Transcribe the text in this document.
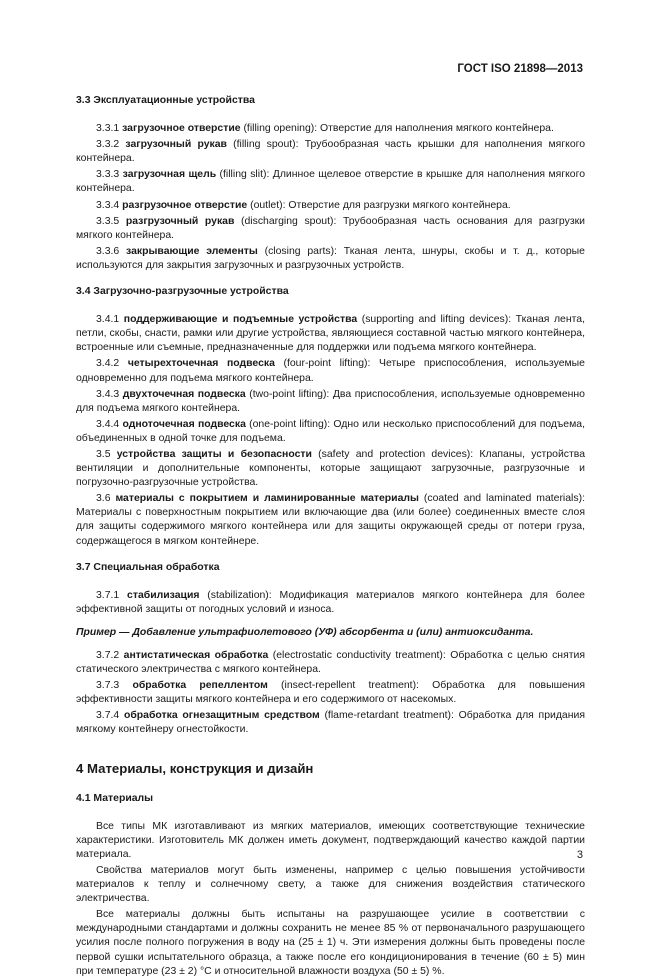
ГОСТ ISO 21898—2013

3.3 Эксплуатационные устройства

3.3.1 загрузочное отверстие (filling opening): Отверстие для наполнения мягкого контейнера.

3.3.2 загрузочный рукав (filling spout): Трубообразная часть крышки для наполнения мягкого контейнера.

3.3.3 загрузочная щель (filling slit): Длинное щелевое отверстие в крышке для наполнения мягкого контейнера.

3.3.4 разгрузочное отверстие (outlet): Отверстие для разгрузки мягкого контейнера.

3.3.5 разгрузочный рукав (discharging spout): Трубообразная часть основания для разгрузки мягкого контейнера.

3.3.6 закрывающие элементы (closing parts): Тканая лента, шнуры, скобы и т. д., которые используются для закрытия загрузочных и разгрузочных устройств.

3.4 Загрузочно-разгрузочные устройства

3.4.1 поддерживающие и подъемные устройства (supporting and lifting devices): Тканая лента, петли, скобы, снасти, рамки или другие устройства, являющиеся составной частью мягкого контейнера, встроенные или съемные, предназначенные для поддержки или подъема мягкого контейнера.

3.4.2 четырехточечная подвеска (four-point lifting): Четыре приспособления, используемые одновременно для подъема мягкого контейнера.

3.4.3 двухточечная подвеска (two-point lifting): Два приспособления, используемые одновременно для подъема мягкого контейнера.

3.4.4 одноточечная подвеска (one-point lifting): Одно или несколько приспособлений для подъема, объединенных в одной точке для подъема.

3.5 устройства защиты и безопасности (safety and protection devices): Клапаны, устройства вентиляции и дополнительные компоненты, которые защищают загрузочные, разгрузочные и погрузочно-разгрузочные устройства.

3.6 материалы с покрытием и ламинированные материалы (coated and laminated materials): Материалы с поверхностным покрытием или включающие два (или более) соединенных вместе слоя для защиты содержимого мягкого контейнера или для защиты окружающей среды от потери груза, содержащегося в мягком контейнере.

3.7 Специальная обработка

3.7.1 стабилизация (stabilization): Модификация материалов мягкого контейнера для более эффективной защиты от погодных условий и износа.

Пример — Добавление ультрафиолетового (УФ) абсорбента и (или) антиоксиданта.

3.7.2 антистатическая обработка (electrostatic conductivity treatment): Обработка с целью снятия статического электричества с мягкого контейнера.

3.7.3 обработка репеллентом (insect-repellent treatment): Обработка для повышения эффективности защиты мягкого контейнера и его содержимого от насекомых.

3.7.4 обработка огнезащитным средством (flame-retardant treatment): Обработка для придания мягкому контейнеру огнестойкости.

4 Материалы, конструкция и дизайн

4.1 Материалы

Все типы МК изготавливают из мягких материалов, имеющих соответствующие технические характеристики. Изготовитель МК должен иметь документ, подтверждающий качество каждой партии материала.

Свойства материалов могут быть изменены, например с целью повышения устойчивости материалов к теплу и солнечному свету, а также для снижения воздействия статического электричества.

Все материалы должны быть испытаны на разрушающее усилие в соответствии с международными стандартами и должны сохранить не менее 85 % от первоначального разрушающего усилия после полного погружения в воду на (25 ± 1) ч. Эти измерения должны быть проведены после первой сушки испытательного образца, а также после его кондиционирования в течение (60 ± 5) мин при температуре (23 ± 2) °С и относительной влажности воздуха (50 ± 5) %.

3
